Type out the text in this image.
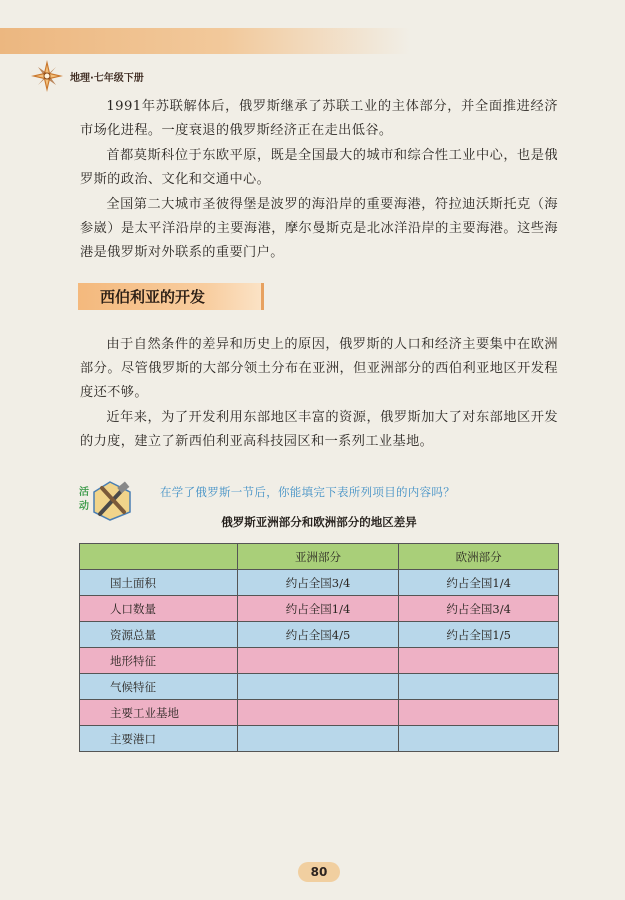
地理·七年级下册

1991年苏联解体后，俄罗斯继承了苏联工业的主体部分，并全面推进经济市场化进程。一度衰退的俄罗斯经济正在走出低谷。

首都莫斯科位于东欧平原，既是全国最大的城市和综合性工业中心，也是俄罗斯的政治、文化和交通中心。

全国第二大城市圣彼得堡是波罗的海沿岸的重要海港，符拉迪沃斯托克（海参崴）是太平洋沿岸的主要海港，摩尔曼斯克是北冰洋沿岸的主要海港。这些海港是俄罗斯对外联系的重要门户。

西伯利亚的开发

由于自然条件的差异和历史上的原因，俄罗斯的人口和经济主要集中在欧洲部分。尽管俄罗斯的大部分领土分布在亚洲，但亚洲部分的西伯利亚地区开发程度还不够。

近年来，为了开发利用东部地区丰富的资源，俄罗斯加大了对东部地区开发的力度，建立了新西伯利亚高科技园区和一系列工业基地。

活动
在学了俄罗斯一节后，你能填完下表所列项目的内容吗？
俄罗斯亚洲部分和欧洲部分的地区差异
	亚洲部分	欧洲部分
国土面积	约占全国3/4	约占全国1/4
人口数量	约占全国1/4	约占全国3/4
资源总量	约占全国4/5	约占全国1/5
地形特征		
气候特征		
主要工业基地		
主要港口		
80
